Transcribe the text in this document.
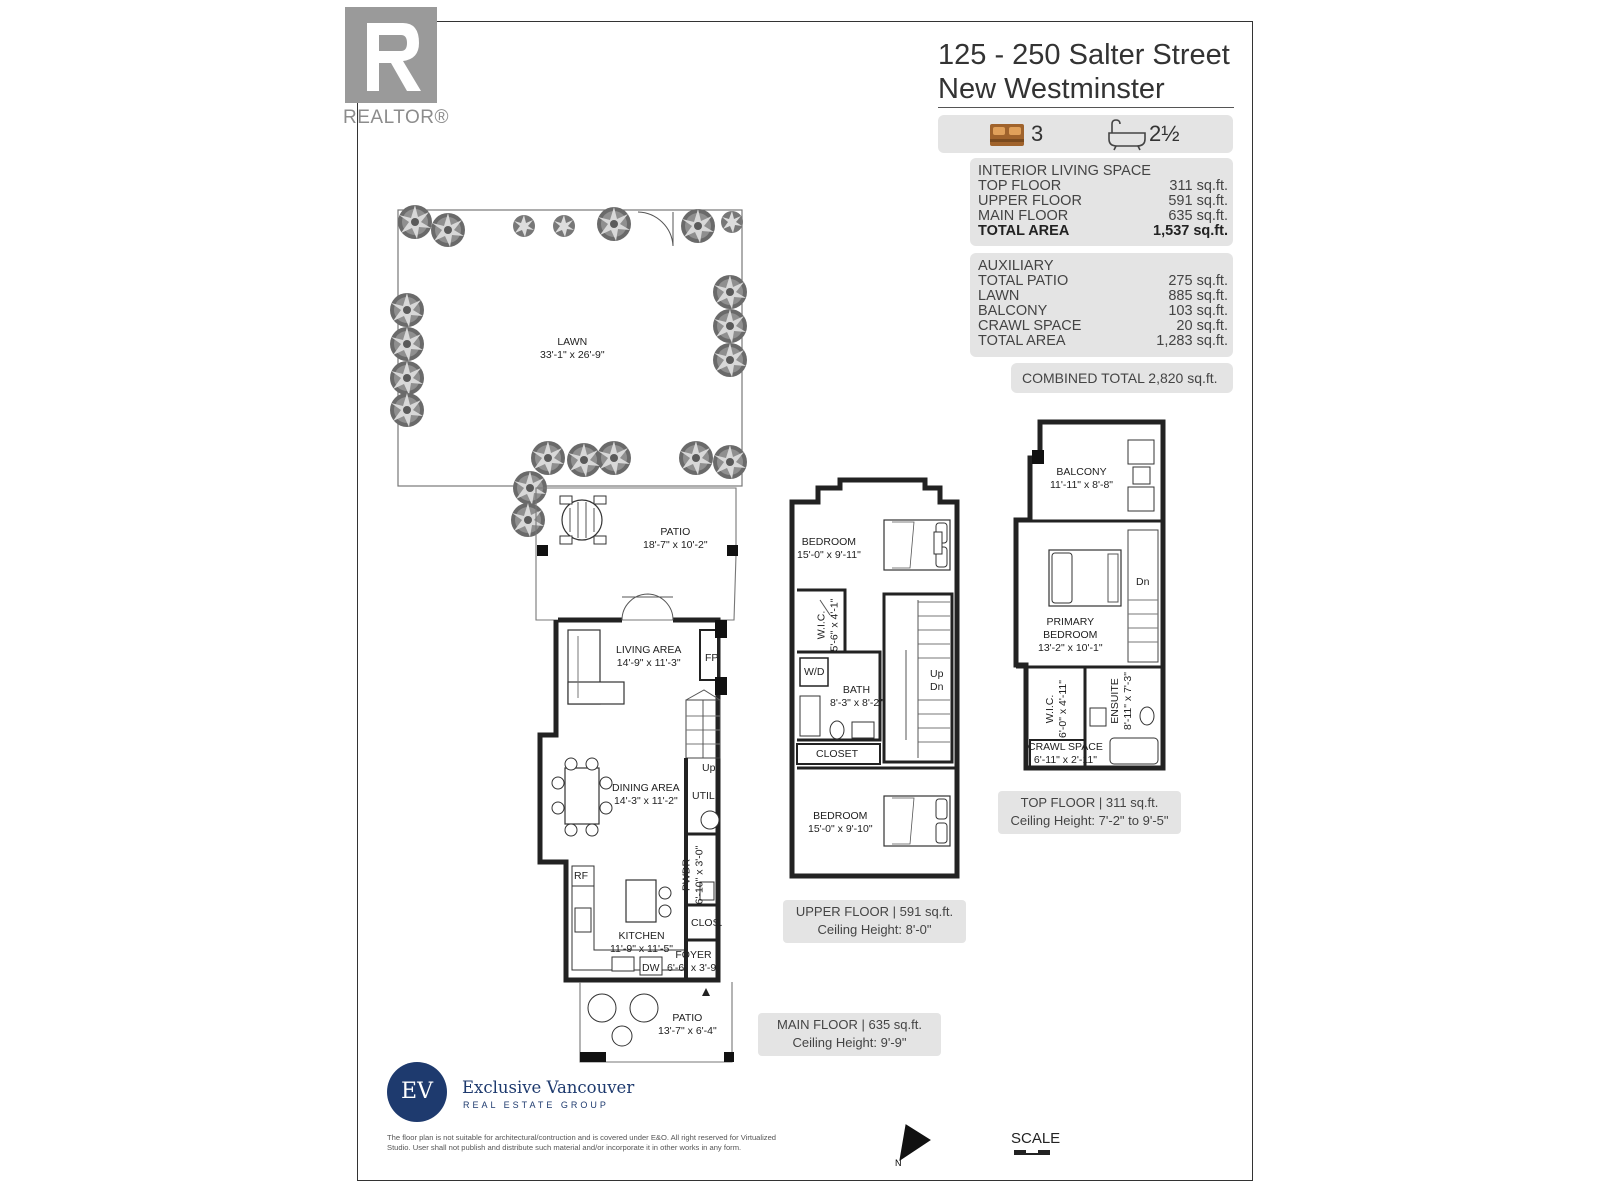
REALTOR®
125 - 250 Salter Street
New Westminster
3	2½
INTERIOR LIVING SPACE
TOP FLOOR	311 sq.ft.
UPPER FLOOR	591 sq.ft.
MAIN FLOOR	635 sq.ft.
TOTAL AREA	1,537 sq.ft.
AUXILIARY
TOTAL PATIO	275 sq.ft.
LAWN	885 sq.ft.
BALCONY	103 sq.ft.
CRAWL SPACE	20 sq.ft.
TOTAL AREA	1,283 sq.ft.
COMBINED TOTAL 2,820 sq.ft.
N
LAWN
33'-1" x 26'-9"
PATIO
18'-7" x 10'-2"
LIVING AREA
14'-9" x 11'-3" FP
Up
DINING AREA
14'-3" x 11'-2" UTIL.
PWDR 6'-10" x 3'-0"
RF
CLOS.
KITCHEN
11'-9" x 11'-5"
DW
FOYER
6'-6" x 3'-9"
PATIO
13'-7" x 6'-4"
BEDROOM
15'-0" x 9'-11"
W.I.C. 5'-6" x 4'-1"
W/D
BATH
8'-3" x 8'-2"
Up
Dn
CLOSET
BEDROOM
15'-0" x 9'-10"
BALCONY
11'-11" x 8'-8"
Dn
PRIMARY
BEDROOM
13'-2" x 10'-1"
W.I.C. 6'-0" x 4'-11"	ENSUITE 8'-11" x 7'-3"
CRAWL SPACE
6'-11" x 2'-11"
TOP FLOOR | 311 sq.ft.
Ceiling Height: 7'-2" to 9'-5"
UPPER FLOOR | 591 sq.ft.
Ceiling Height: 8'-0"
MAIN FLOOR | 635 sq.ft.
Ceiling Height: 9'-9"
EV	Exclusive Vancouver
REAL ESTATE GROUP
The floor plan is not suitable for architectural/contruction and is covered under E&O. All right reserved for Virtualized Studio. User shall not publish and distribute such material and/or incorporate it in other works in any form.
SCALE
